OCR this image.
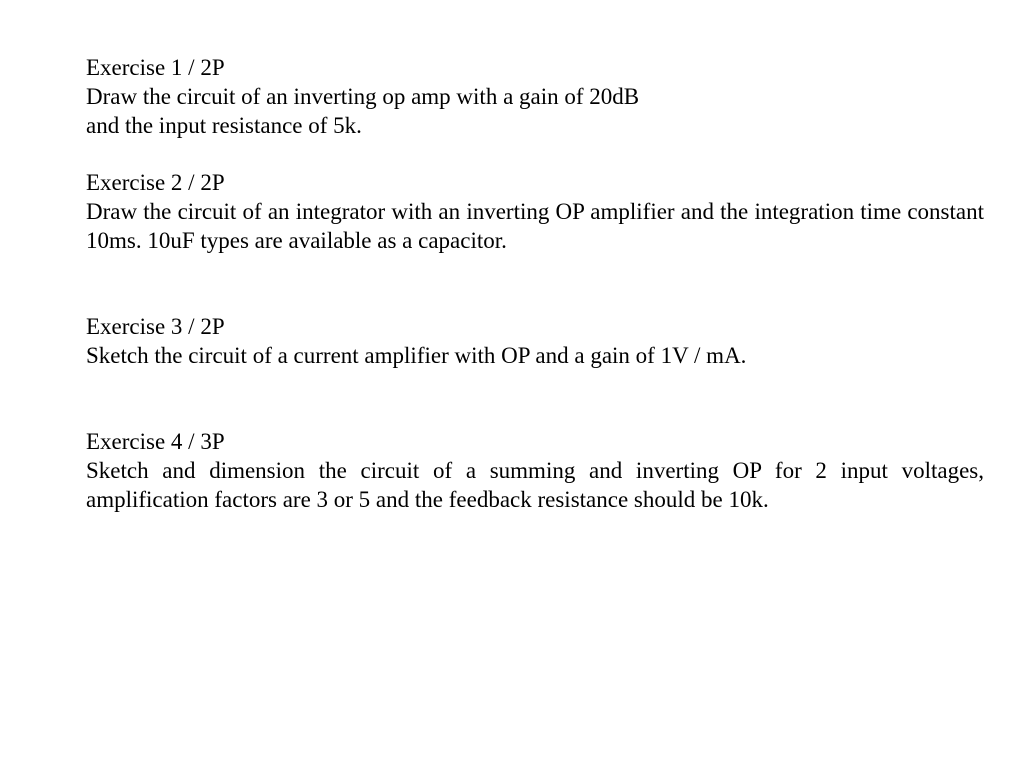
Exercise 1 / 2P

Draw the circuit of an inverting op amp with a gain of 20dB
and the input resistance of 5k.

Exercise 2 / 2P

Draw the circuit of an integrator with an inverting OP amplifier and the integration time constant 10ms. 10uF types are available as a capacitor.

Exercise 3 / 2P

Sketch the circuit of a current amplifier with OP and a gain of 1V / mA.

Exercise 4 / 3P

Sketch and dimension the circuit of a summing and inverting OP for 2 input voltages, amplification factors are 3 or 5 and the feedback resistance should be 10k.
